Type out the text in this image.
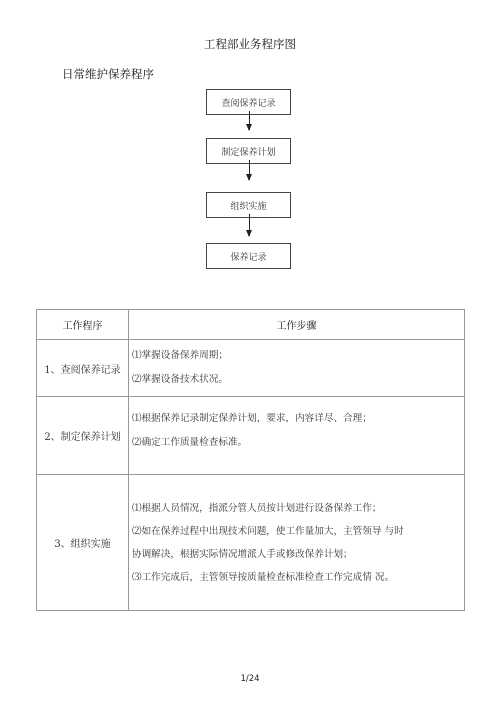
工程部业务程序图
日常维护保养程序
查阅保养记录
制定保养计划
组织实施
保养记录
工作程序	工作步骤
1、查阅保养记录	⑴掌握设备保养周期；

⑵掌握设备技术状况。

2、制定保养计划	⑴根据保养记录制定保养计划，要求，内容详尽、合理；

⑵确定工作质量检查标准。

3、组织实施	⑴根据人员情况，指派分管人员按计划进行设备保养工作；

⑵如在保养过程中出现技术问题，使工作量加大，主管领导 与时

协调解决，根据实际情况增派人手或修改保养计划；

⑶工作完成后，主管领导按质量检查标准检查工作完成情 况。

1/24
